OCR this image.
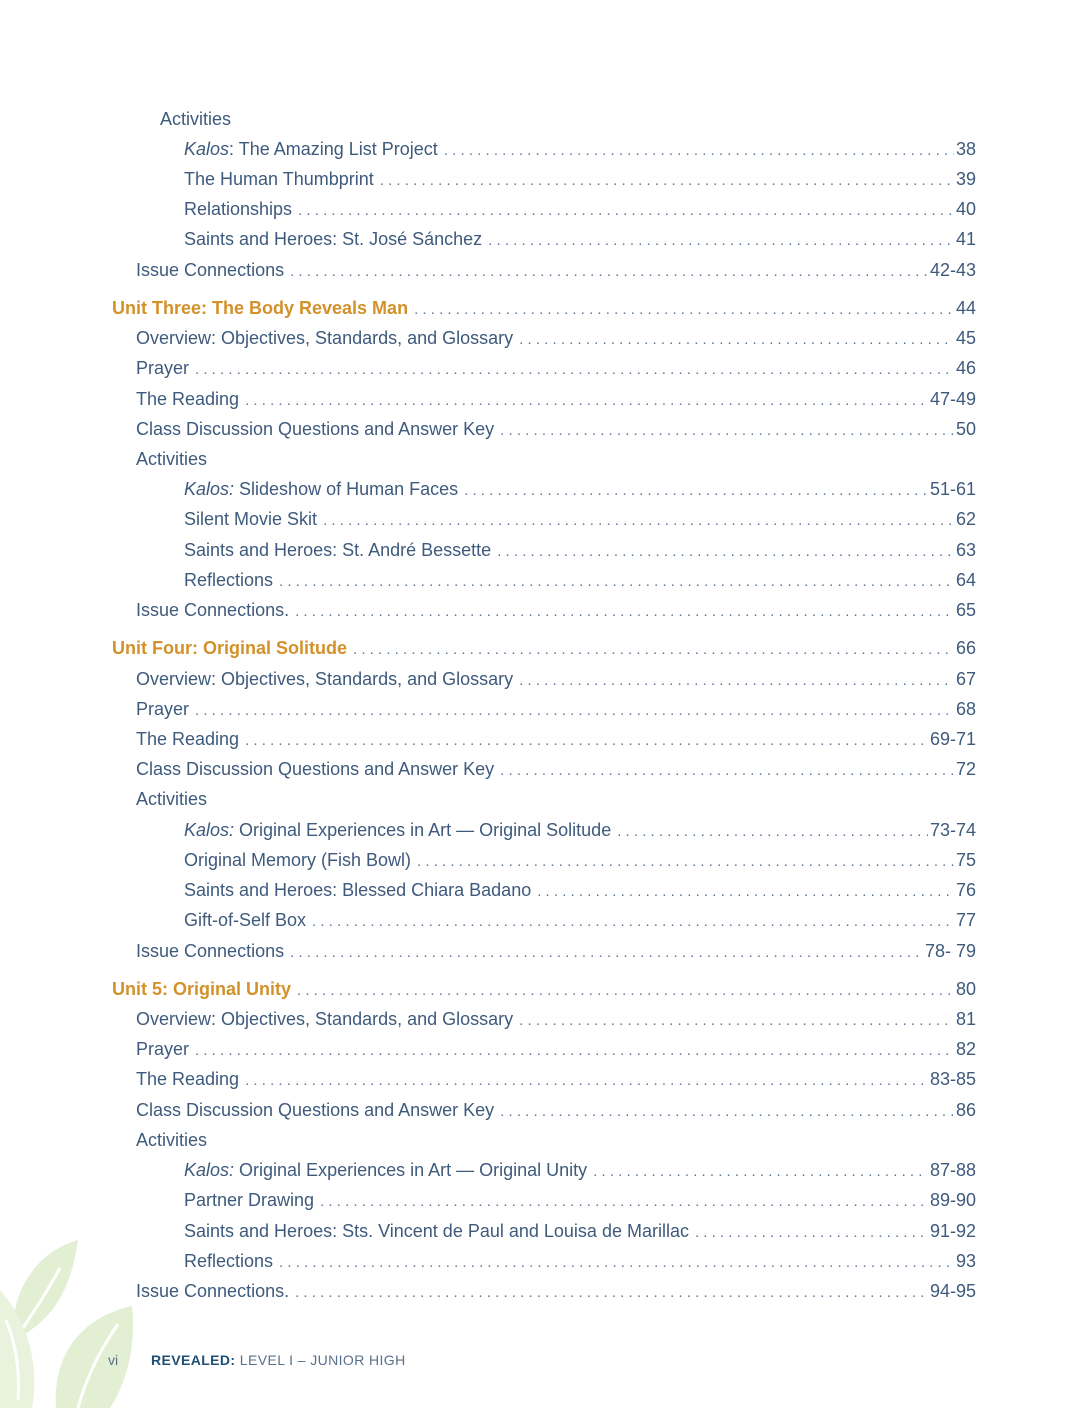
Activities
Kalos: The Amazing List Project . . .	38
The Human Thumbprint . . .	39
Relationships . . .	40
Saints and Heroes: St. José Sánchez . . .	41
Issue Connections . . .	42-43
Unit Three: The Body Reveals Man . . .	44
Overview: Objectives, Standards, and Glossary . . .	45
Prayer . . .	46
The Reading . . .	47-49
Class Discussion Questions and Answer Key . . .	50
Activities
Kalos: Slideshow of Human Faces . . .	51-61
Silent Movie Skit . . .	62
Saints and Heroes: St. André Bessette . . .	63
Reflections . . .	64
Issue Connections. . . .	65
Unit Four: Original Solitude . . .	66
Overview: Objectives, Standards, and Glossary . . .	67
Prayer . . .	68
The Reading . . .	69-71
Class Discussion Questions and Answer Key . . .	72
Activities
Kalos: Original Experiences in Art — Original Solitude . . .	73-74
Original Memory (Fish Bowl) . . .	75
Saints and Heroes: Blessed Chiara Badano . . .	76
Gift-of-Self Box . . .	77
Issue Connections . . .	78- 79
Unit 5: Original Unity . . .	80
Overview: Objectives, Standards, and Glossary . . .	81
Prayer . . .	82
The Reading . . .	83-85
Class Discussion Questions and Answer Key . . .	86
Activities
Kalos: Original Experiences in Art — Original Unity . . .	87-88
Partner Drawing . . .	89-90
Saints and Heroes: Sts. Vincent de Paul and Louisa de Marillac . . .	91-92
Reflections . . .	93
Issue Connections. . . .	94-95
vi REVEALED: LEVEL I – JUNIOR HIGH
